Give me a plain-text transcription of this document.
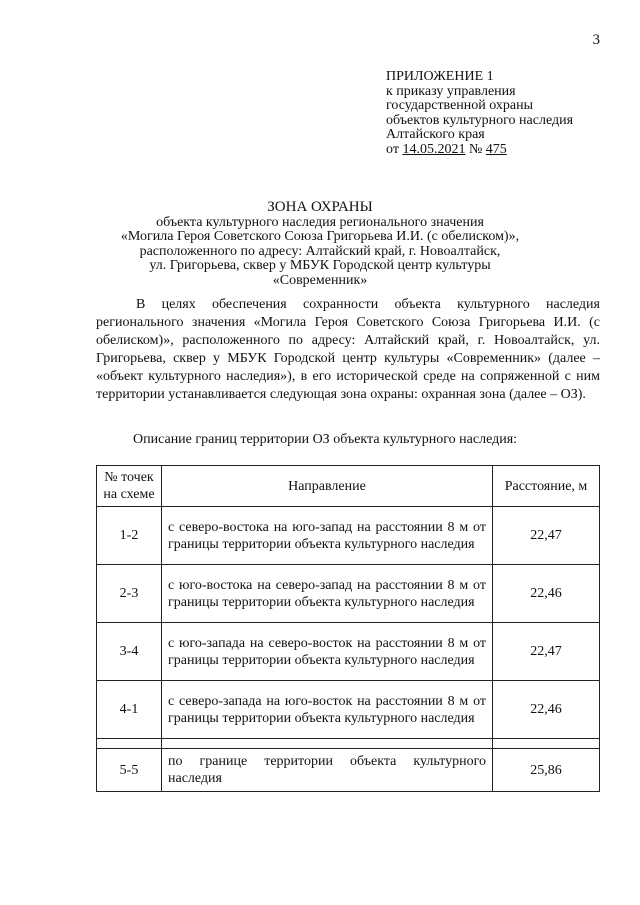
3
ПРИЛОЖЕНИЕ 1
к приказу управления
государственной охраны
объектов культурного наследия
Алтайского края
от 14.05.2021 № 475
ЗОНА ОХРАНЫ
объекта культурного наследия регионального значения
«Могила Героя Советского Союза Григорьева И.И. (с обелиском)»,
расположенного по адресу: Алтайский край, г. Новоалтайск,
ул. Григорьева, сквер у МБУК Городской центр культуры
«Современник»
В целях обеспечения сохранности объекта культурного наследия регионального значения «Могила Героя Советского Союза Григорьева И.И. (с обелиском)», расположенного по адресу: Алтайский край, г. Новоалтайск, ул. Григорьева, сквер у МБУК Городской центр культуры «Современник» (далее – «объект культурного наследия»), в его исторической среде на сопряженной с ним территории устанавливается следующая зона охраны: охранная зона (далее – ОЗ).
Описание границ территории ОЗ объекта культурного наследия:
№ точек на схеме	Направление	Расстояние, м
1-2	с северо-востока на юго-запад на расстоянии 8 м от границы территории объекта культурного наследия	22,47
2-3	с юго-востока на северо-запад на расстоянии 8 м от границы территории объекта культурного наследия	22,46
3-4	с юго-запада на северо-восток на расстоянии 8 м от границы территории объекта культурного наследия	22,47
4-1	с северо-запада на юго-восток на расстоянии 8 м от границы территории объекта культурного наследия	22,46

5-5	по границе территории объекта культурного наследия	25,86
